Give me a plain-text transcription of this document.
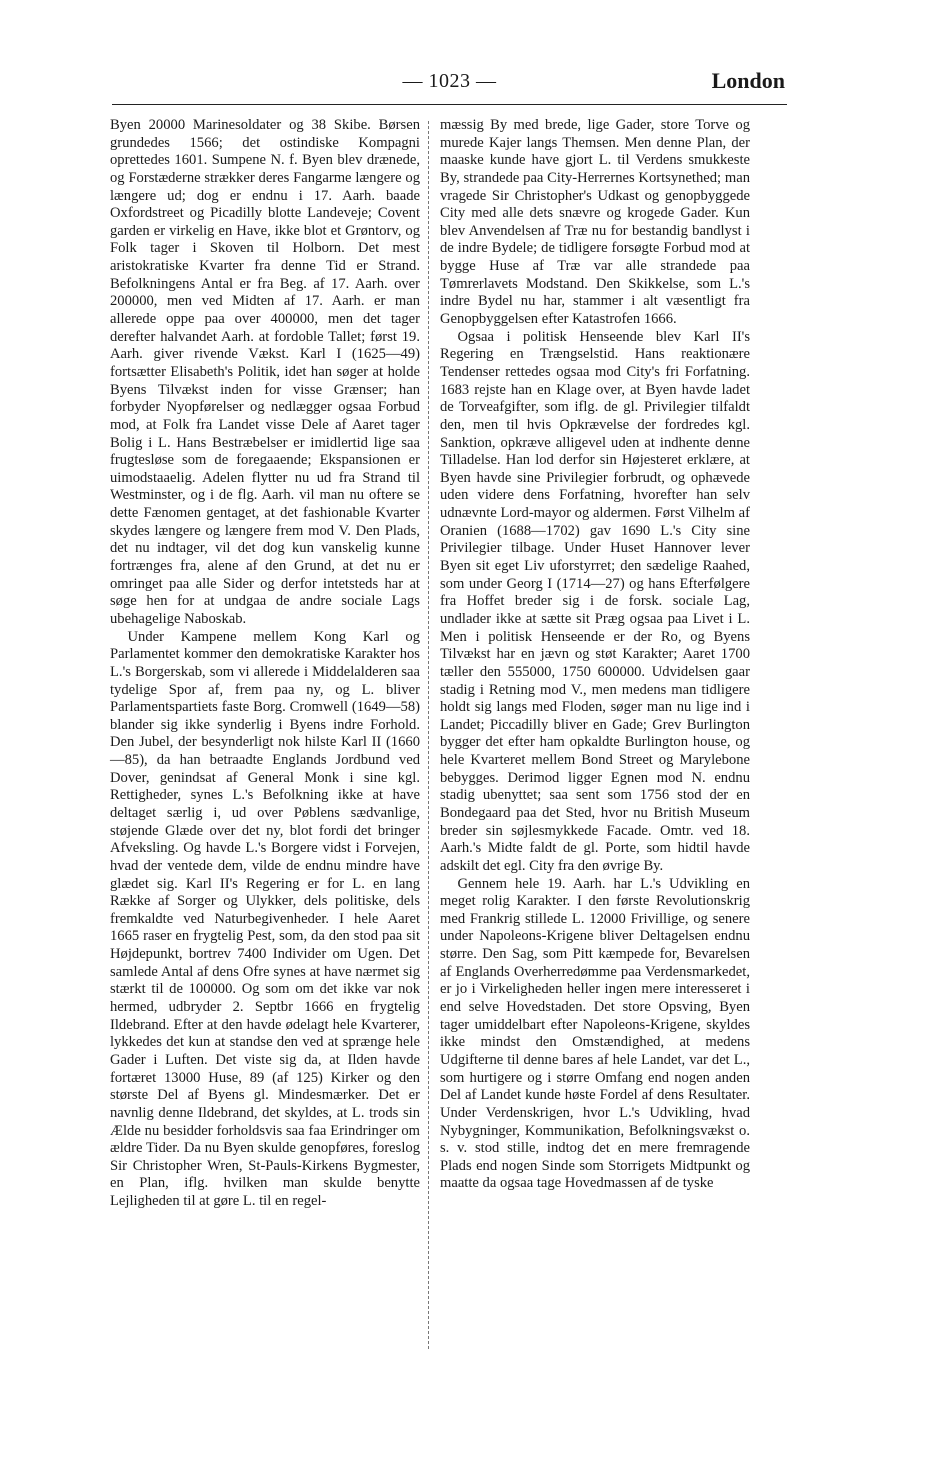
— 1023 —	London

Byen 20000 Marinesoldater og 38 Skibe. Børsen grundedes 1566; det ostindiske Kompagni oprettedes 1601. Sumpene N. f. Byen blev drænede, og Forstæderne strækker deres Fangarme længere og længere ud; dog er endnu i 17. Aarh. baade Oxfordstreet og Picadilly blotte Landeveje; Covent garden er virkelig en Have, ikke blot et Grøntorv, og Folk tager i Skoven til Holborn. Det mest aristokratiske Kvarter fra denne Tid er Strand. Befolkningens Antal er fra Beg. af 17. Aarh. over 200000, men ved Midten af 17. Aarh. er man allerede oppe paa over 400000, men det tager derefter halvandet Aarh. at fordoble Tallet; først 19. Aarh. giver rivende Vækst. Karl I (1625—49) fortsætter Elisabeth's Politik, idet han søger at holde Byens Tilvækst inden for visse Grænser; han forbyder Nyopførelser og nedlægger ogsaa Forbud mod, at Folk fra Landet visse Dele af Aaret tager Bolig i L. Hans Bestræbelser er imidlertid lige saa frugtesløse som de foregaaende; Ekspansionen er uimodstaaelig. Adelen flytter nu ud fra Strand til Westminster, og i de flg. Aarh. vil man nu oftere se dette Fænomen gentaget, at det fashionable Kvarter skydes længere og længere frem mod V. Den Plads, det nu indtager, vil det dog kun vanskelig kunne fortrænges fra, alene af den Grund, at det nu er omringet paa alle Sider og derfor intetsteds har at søge hen for at undgaa de andre sociale Lags ubehagelige Naboskab.

Under Kampene mellem Kong Karl og Parlamentet kommer den demokratiske Karakter hos L.'s Borgerskab, som vi allerede i Middelalderen saa tydelige Spor af, frem paa ny, og L. bliver Parlamentspartiets faste Borg. Cromwell (1649—58) blander sig ikke synderlig i Byens indre Forhold. Den Jubel, der besynderligt nok hilste Karl II (1660—85), da han betraadte Englands Jordbund ved Dover, genindsat af General Monk i sine kgl. Rettigheder, synes L.'s Befolkning ikke at have deltaget særlig i, ud over Pøblens sædvanlige, støjende Glæde over det ny, blot fordi det bringer Afveksling. Og havde L.'s Borgere vidst i Forvejen, hvad der ventede dem, vilde de endnu mindre have glædet sig. Karl II's Regering er for L. en lang Række af Sorger og Ulykker, dels politiske, dels fremkaldte ved Naturbegivenheder. I hele Aaret 1665 raser en frygtelig Pest, som, da den stod paa sit Højdepunkt, bortrev 7400 Individer om Ugen. Det samlede Antal af dens Ofre synes at have nærmet sig stærkt til de 100000. Og som om det ikke var nok hermed, udbryder 2. Septbr 1666 en frygtelig Ildebrand. Efter at den havde ødelagt hele Kvarterer, lykkedes det kun at standse den ved at sprænge hele Gader i Luften. Det viste sig da, at Ilden havde fortæret 13000 Huse, 89 (af 125) Kirker og den største Del af Byens gl. Mindesmærker. Det er navnlig denne Ildebrand, det skyldes, at L. trods sin Ælde nu besidder forholdsvis saa faa Erindringer om ældre Tider. Da nu Byen skulde genopføres, foreslog Sir Christopher Wren, St-Pauls-Kirkens Bygmester, en Plan, iflg. hvilken man skulde benytte Lejligheden til at gøre L. til en regel-

mæssig By med brede, lige Gader, store Torve og murede Kajer langs Themsen. Men denne Plan, der maaske kunde have gjort L. til Verdens smukkeste By, strandede paa City-Herrernes Kortsynethed; man vragede Sir Christopher's Udkast og genopbyggede City med alle dets snævre og krogede Gader. Kun blev Anvendelsen af Træ nu for bestandig bandlyst i de indre Bydele; de tidligere forsøgte Forbud mod at bygge Huse af Træ var alle strandede paa Tømrerlavets Modstand. Den Skikkelse, som L.'s indre Bydel nu har, stammer i alt væsentligt fra Genopbyggelsen efter Katastrofen 1666.

Ogsaa i politisk Henseende blev Karl II's Regering en Trængselstid. Hans reaktionære Tendenser rettedes ogsaa mod City's fri Forfatning. 1683 rejste han en Klage over, at Byen havde ladet de Torveafgifter, som iflg. de gl. Privilegier tilfaldt den, men til hvis Opkrævelse der fordredes kgl. Sanktion, opkræve alligevel uden at indhente denne Tilladelse. Han lod derfor sin Højesteret erklære, at Byen havde sine Privilegier forbrudt, og ophævede uden videre dens Forfatning, hvorefter han selv udnævnte Lord-mayor og aldermen. Først Vilhelm af Oranien (1688—1702) gav 1690 L.'s City sine Privilegier tilbage. Under Huset Hannover lever Byen sit eget Liv uforstyrret; den sædelige Raahed, som under Georg I (1714—27) og hans Efterfølgere fra Hoffet breder sig i de forsk. sociale Lag, undlader ikke at sætte sit Præg ogsaa paa Livet i L. Men i politisk Henseende er der Ro, og Byens Tilvækst har en jævn og støt Karakter; Aaret 1700 tæller den 555000, 1750 600000. Udvidelsen gaar stadig i Retning mod V., men medens man tidligere holdt sig langs med Floden, søger man nu lige ind i Landet; Piccadilly bliver en Gade; Grev Burlington bygger det efter ham opkaldte Burlington house, og hele Kvarteret mellem Bond Street og Marylebone bebygges. Derimod ligger Egnen mod N. endnu stadig ubenyttet; saa sent som 1756 stod der en Bondegaard paa det Sted, hvor nu British Museum breder sin søjlesmykkede Facade. Omtr. ved 18. Aarh.'s Midte faldt de gl. Porte, som hidtil havde adskilt det egl. City fra den øvrige By.

Gennem hele 19. Aarh. har L.'s Udvikling en meget rolig Karakter. I den første Revolutionskrig med Frankrig stillede L. 12000 Frivillige, og senere under Napoleons-Krigene bliver Deltagelsen endnu større. Den Sag, som Pitt kæmpede for, Bevarelsen af Englands Overherredømme paa Verdensmarkedet, er jo i Virkeligheden heller ingen mere interesseret i end selve Hovedstaden. Det store Opsving, Byen tager umiddelbart efter Napoleons-Krigene, skyldes ikke mindst den Omstændighed, at medens Udgifterne til denne bares af hele Landet, var det L., som hurtigere og i større Omfang end nogen anden Del af Landet kunde høste Fordel af dens Resultater. Under Verdenskrigen, hvor L.'s Udvikling, hvad Nybygninger, Kommunikation, Befolkningsvækst o. s. v. stod stille, indtog det en mere fremragende Plads end nogen Sinde som Storrigets Midtpunkt og maatte da ogsaa tage Hovedmassen af de tyske
